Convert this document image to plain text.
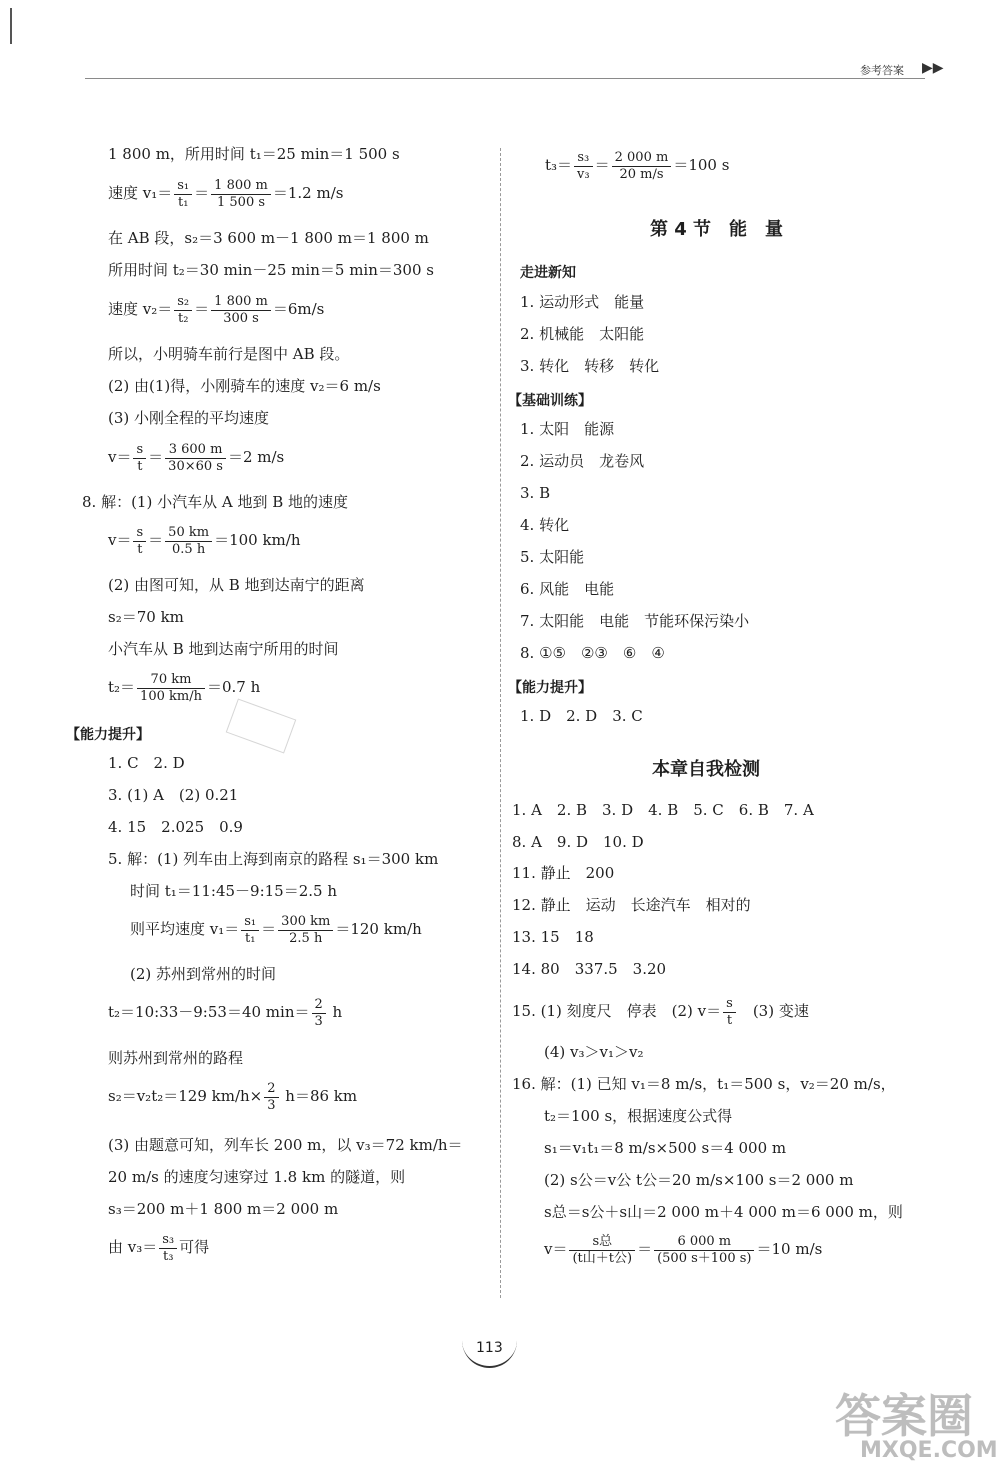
参考答案 ▶▶
1 800 m，所用时间 t₁＝25 min＝1 500 s
速度 $v_1= \frac{\text{s₁}}{\text{t₁}} = \frac{1 800 m}{1 500 s} =1.2$ m/s
在 AB 段，s₂＝3 600 m－1 800 m＝1 800 m
所用时间 t₂＝30 min－25 min＝5 min＝300 s
速度 $v_2= \frac{\text{s₂}}{\text{t₂}} = \frac{1 800 m}{300 s} =6m/s$
所以，小明骑车前行是图中 AB 段。
(2) 由(1)得，小刚骑车的速度 v₂＝6 m/s
(3) 小刚全程的平均速度
$v= \frac{s}{t} = \frac{3 600 m}{30\times 60 s} =2$ m/s
8. 解：(1) 小汽车从 A 地到 B 地的速度
$v= \frac{s}{t} = \frac{50 km}{0.5 h} =100$ km/h
(2) 由图可知，从 B 地到达南宁的距离
s₂＝70 km
小汽车从 B 地到达南宁所用的时间
$t_2= \frac{70 km}{100 km/h} =0.7$ h
【能力提升】
1. C　2. D
3. (1) A　(2) 0.21
4. 15　2.025　0.9
5. 解：(1) 列车由上海到南京的路程 s₁＝300 km
时间 t₁＝11:45－9:15＝2.5 h
则平均速度 $v_1= \frac{\text{s₁}}{\text{t₁}} = \frac{300 km}{2.5 h} =120$ km/h
(2) 苏州到常州的时间
t₂＝10:33－9:53＝40 $\min= \frac{2}{3}$ h
则苏州到常州的路程
s₂＝v₂t₂＝129 $km/h\times \frac{2}{3} h=86$ km
(3) 由题意可知，列车长 200 m，以 v₃＝72 km/h＝
20 m/s 的速度匀速穿过 1.8 km 的隧道，则
s₃＝200 m＋1 800 m＝2 000 m
由 $v_3= \frac{\text{s₃}}{\text{t₃}}$ 可得
$t_3= \frac{\text{s₃}}{\text{v₃}} = \frac{2 000 m}{20 m/s} =100$ s
第 4 节　能　量
走进新知
1. 运动形式　能量
2. 机械能　太阳能
3. 转化　转移　转化
【基础训练】
1. 太阳　能源
2. 运动员　龙卷风
3. B
4. 转化
5. 太阳能
6. 风能　电能
7. 太阳能　电能　节能环保污染小
8. ①⑤　②③　⑥　④
【能力提升】
1. D　2. D　3. C
本章自我检测
1. A　2. B　3. D　4. B　5. C　6. B　7. A
8. A　9. D　10. D
11. 静止　200
12. 静止　运动　长途汽车　相对的
13. 15　18
14. 80　337.5　3.20
15. (1) 刻度尺　停表　(2) $v= \frac{s}{t}$ 　(3) 变速
(4) v₃＞v₁＞v₂
16. 解：(1) 已知 v₁＝8 m/s，t₁＝500 s，v₂＝20 m/s，
t₂＝100 s，根据速度公式得
s₁＝v₁t₁＝8 m/s×500 s＝4 000 m
(2) s公＝v公 t公＝20 m/s×100 s＝2 000 m
s总＝s公＋s山＝2 000 m＋4 000 m＝6 000 m，则
$v= \frac{\text{s总}}{\text{(t山＋t公)}} = \frac{6 000 m}{(500 s+100 s)} =10$ m/s
113
答案圈
MXQE.COM
